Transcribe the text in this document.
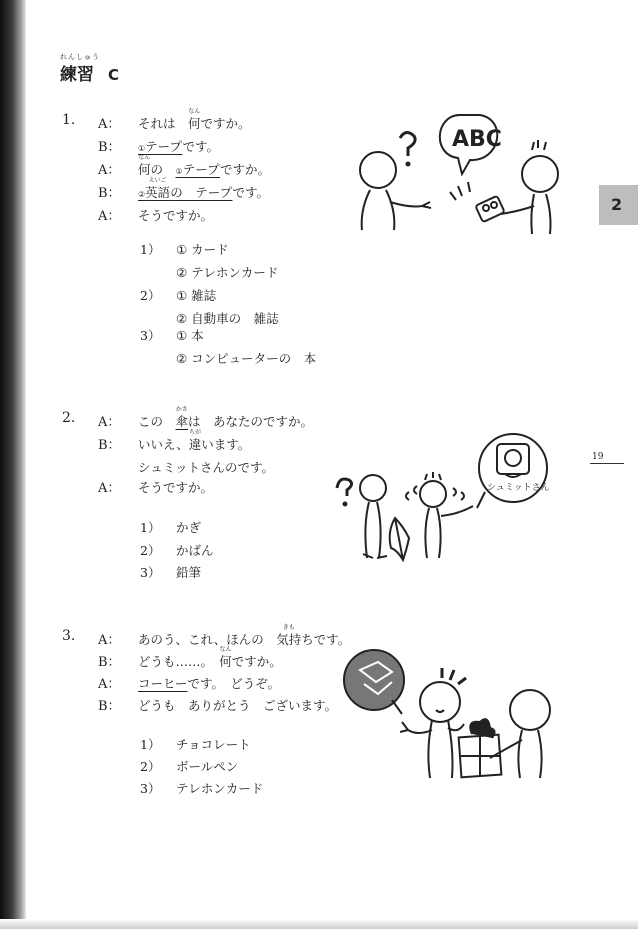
れんしゅう
練習 C
2
19
1. A： それは　何
なん
ですか。
B： ①テープです。
A： 何
なん
の　①テープですか。
B： ②英語
えいご
の　テープです。
A： そうですか。
1） ① カード
② テレホンカード
2） ① 雑誌
② 自動車の　雑誌
3） ① 本
② コンピューターの　本
ABC
2. A： この　傘
かさ
は　あなたのですか。
B： いいえ、違
ちが
います。
シュミットさんのです。
A： そうですか。
1） かぎ
2） かばん
3） 鉛筆
シュミットさん
3. A： あのう、これ、ほんの　気持
きも
ちです。
B： どうも……。　何
なん
ですか。
A： コーヒーです。　どうぞ。
B： どうも　ありがとう　ございます。
1） チョコレート
2） ボールペン
3） テレホンカード
